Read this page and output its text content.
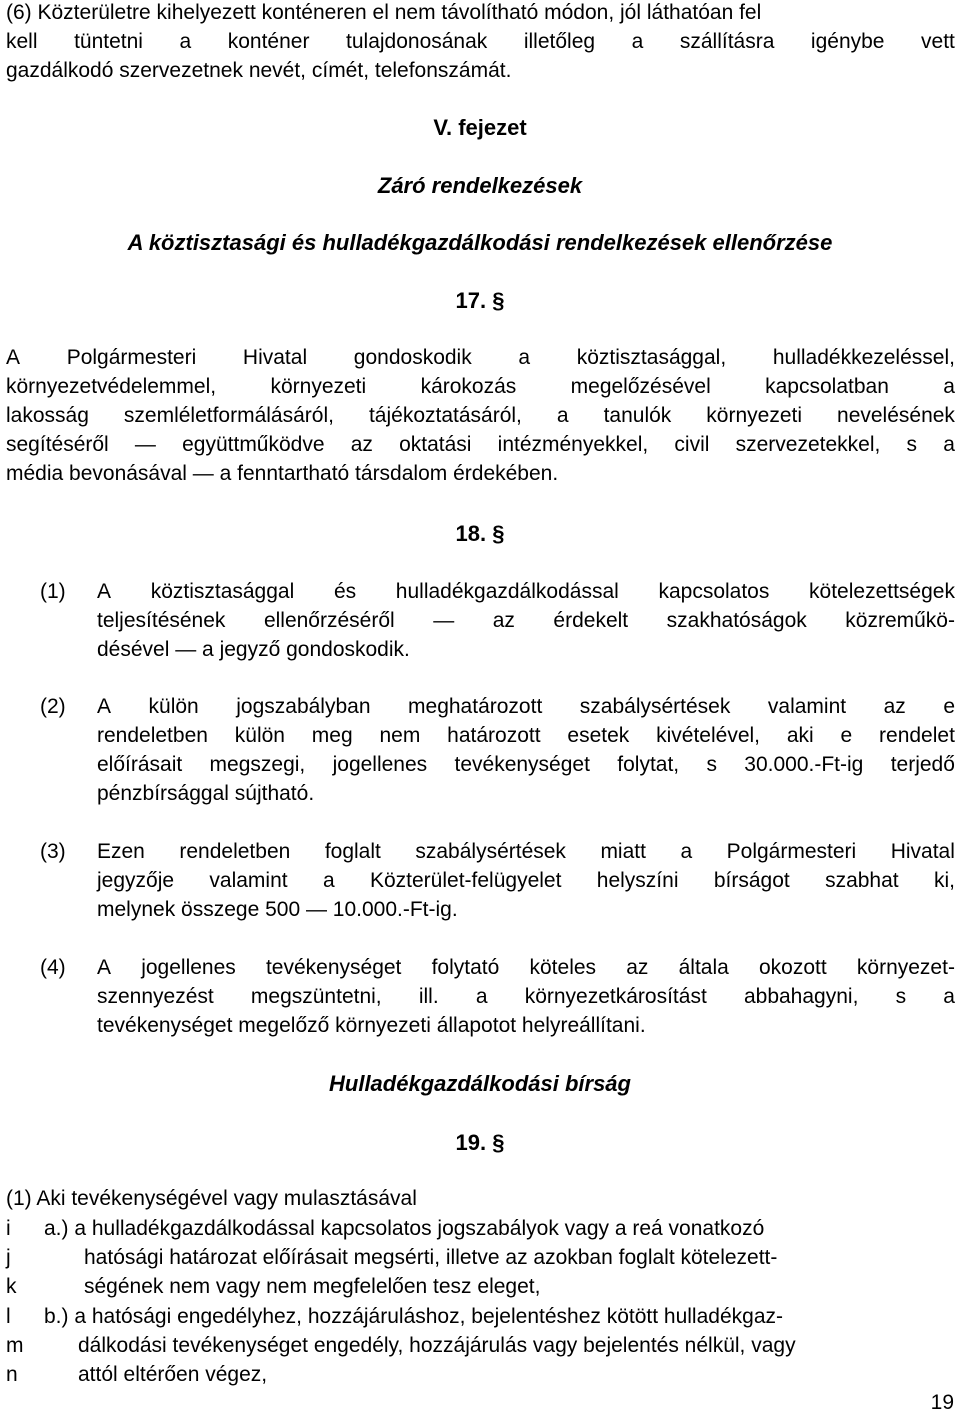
(6) Közterületre kihelyezett konténeren el nem távolítható módon, jól láthatóan fel
kell tüntetni a konténer tulajdonosának illetőleg a szállításra igénybe vett
gazdálkodó szervezetnek nevét, címét, telefonszámát.
V. fejezet
Záró rendelkezések
A köztisztasági és hulladékgazdálkodási rendelkezések ellenőrzése
17. §
A Polgármesteri Hivatal gondoskodik a köztisztasággal, hulladékkezeléssel,
környezetvédelemmel,	környezeti	károkozás	megelőzésével	kapcsolatban	a
lakosság szemléletformálásáról, tájékoztatásáról, a tanulók környezeti nevelésének
segítéséről — együttműködve az oktatási intézményekkel, civil szervezetekkel, s a
média bevonásával — a fenntartható társdalom érdekében.
18. §
(1) A köztisztasággal és hulladékgazdálkodással kapcsolatos kötelezettségek
teljesítésének ellenőrzéséről — az érdekelt szakhatóságok közreműkö-
désével — a jegyző gondoskodik.
(2) A külön jogszabályban meghatározott szabálysértések valamint az e
rendeletben külön meg nem határozott esetek kivételével, aki e rendelet
előírásait megszegi, jogellenes tevékenységet folytat, s 30.000.-Ft-ig terjedő
pénzbírsággal sújtható.
(3) Ezen rendeletben foglalt szabálysértések miatt a Polgármesteri Hivatal
jegyzője valamint a Közterület-felügyelet helyszíni bírságot szabhat ki,
melynek összege 500 — 10.000.-Ft-ig.
(4) A jogellenes tevékenységet folytató köteles az általa okozott környezet-
szennyezést megszüntetni, ill. a környezetkárosítást abbahagyni, s a
tevékenységet megelőző környezeti állapotot helyreállítani.
Hulladékgazdálkodási bírság
19. §
(1) Aki tevékenységével vagy mulasztásával
i
j
k
l
m
n
a.) a hulladékgazdálkodással kapcsolatos jogszabályok vagy a reá vonatkozó
hatósági határozat előírásait megsérti, illetve az azokban foglalt kötelezett-
ségének nem vagy nem megfelelően tesz eleget,
b.) a hatósági engedélyhez, hozzájáruláshoz, bejelentéshez kötött hulladékgaz-
dálkodási tevékenységet engedély, hozzájárulás vagy bejelentés nélkül, vagy
attól eltérően végez,
19
